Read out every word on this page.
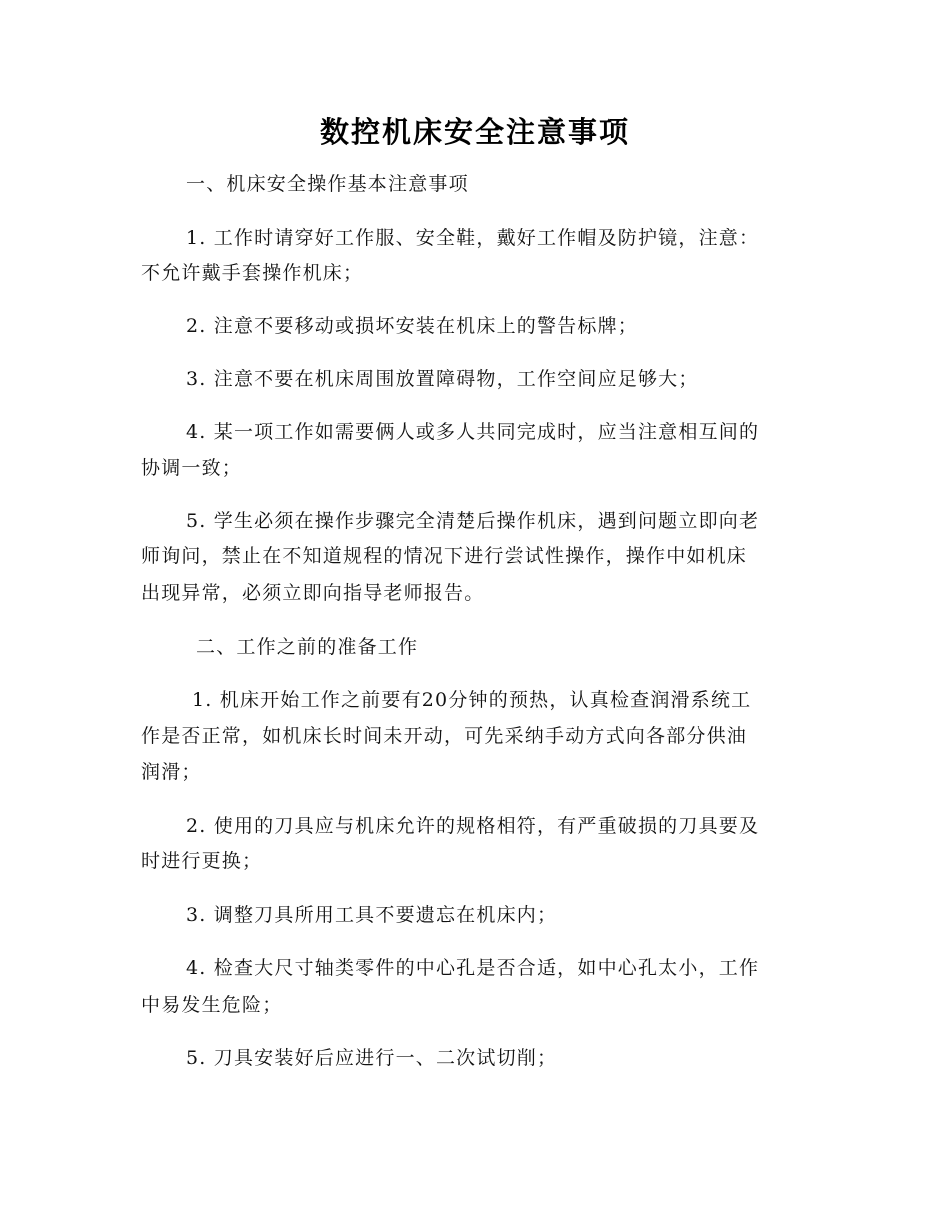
数控机床安全注意事项
一、机床安全操作基本注意事项
1. 工作时请穿好工作服、安全鞋，戴好工作帽及防护镜，注意：
不允许戴手套操作机床；
2. 注意不要移动或损坏安装在机床上的警告标牌；
3. 注意不要在机床周围放置障碍物，工作空间应足够大；
4. 某一项工作如需要俩人或多人共同完成时，应当注意相互间的
协调一致；
5. 学生必须在操作步骤完全清楚后操作机床，遇到问题立即向老
师询问，禁止在不知道规程的情况下进行尝试性操作，操作中如机床
出现异常，必须立即向指导老师报告。
二、工作之前的准备工作
1. 机床开始工作之前要有20分钟的预热，认真检查润滑系统工
作是否正常，如机床长时间未开动，可先采纳手动方式向各部分供油
润滑；
2. 使用的刀具应与机床允许的规格相符，有严重破损的刀具要及
时进行更换；
3. 调整刀具所用工具不要遗忘在机床内；
4. 检查大尺寸轴类零件的中心孔是否合适，如中心孔太小，工作
中易发生危险；
5. 刀具安装好后应进行一、二次试切削；
